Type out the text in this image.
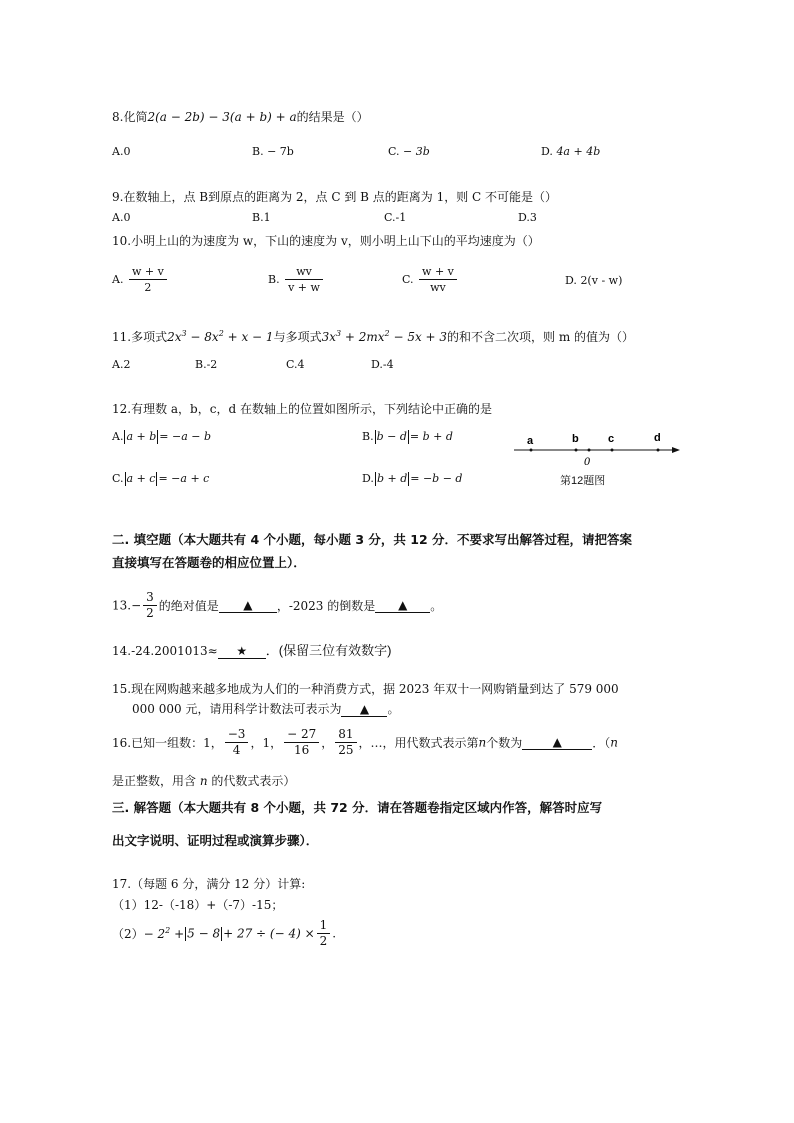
8.化简2(a − 2b) − 3(a + b) + a的结果是（）
A.0	B. − 7b	C. − 3b	D. 4a + 4b
9.在数轴上，点 B到原点的距离为 2，点 C 到 B 点的距离为 1，则 C 不可能是（）
A.0	B.1	C.-1	D.3
10.小明上山的为速度为 w，下山的速度为 v，则小明上山下山的平均速度为（）
A. $\frac{w + v}{2}$	B. $\frac{wv}{v + w}$	C. $\frac{w + v}{wv}$	D. 2(v - w)
11.多项式$2x^3 - 8x^2 + x - 1$与多项式$3x^3 + 2mx^2 - 5x + 3$的和不含二次项，则 m 的值为（）
A.2	B.-2	C.4	D.-4
12.有理数 a，b，c，d 在数轴上的位置如图所示，下列结论中正确的是
A. a + b = −a − b	B. b − d = b + d
C. a + c = −a + c	D. b + d = −b − d
a	b	c	d
0
第12题图
二. 填空题（本大题共有 4 个小题，每小题 3 分，共 12 分．不要求写出解答过程，请把答案
直接填写在答题卷的相应位置上）．
$13.- \frac{3}{2}$ 的绝对值是 ▲ ，-2023 的倒数是 ▲ 。
14.-24.2001013≈ ★ ．(保留三位有效数字)
15.现在网购越来越多地成为人们的一种消费方式，据 2023 年双十一网购销量到达了 579 000
000 000 元，请用科学计数法可表示为 ▲ 。
16.已知一组数：1， $\frac{-3}{4}$ ，1， $\frac{- 27}{16}$ ， $\frac{81}{25}$ ，…，用代数式表示第n个数为	▲	．（n
是正整数，用含 n 的代数式表示）
三. 解答题（本大题共有 8 个小题，共 72 分．请在答题卷指定区域内作答，解答时应写
出文字说明、证明过程或演算步骤）．
17.（每题 6 分，满分 12 分）计算:
（1）12-（-18）+（-7）-15；
$(2)- 2^2 + 5 - 8 + 27$ ÷ (− $4) \times \frac{1}{2}$ .
